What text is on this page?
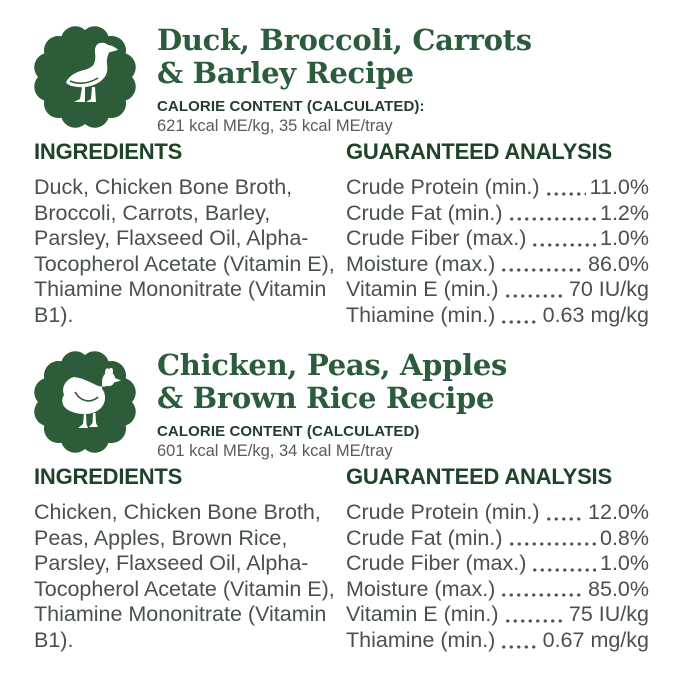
Duck, Broccoli, Carrots
& Barley Recipe
CALORIE CONTENT (CALCULATED):
621 kcal ME/kg, 35 kcal ME/tray
INGREDIENTS

Duck, Chicken Bone Broth, Broccoli, Carrots, Barley, Parsley, Flaxseed Oil, Alpha-Tocopherol Acetate (Vitamin E), Thiamine Mononitrate (Vitamin B1).

GUARANTEED ANALYSIS
Crude Protein (min.) 11.0%
Crude Fat (min.)	1.2%
Crude Fiber (max.)	1.0%
Moisture (max.)	86.0%
Vitamin E (min.)	70 IU/kg
Thiamine (min.) 0.63 mg/kg
Chicken, Peas, Apples
& Brown Rice Recipe
CALORIE CONTENT (CALCULATED)
601 kcal ME/kg, 34 kcal ME/tray
INGREDIENTS

Chicken, Chicken Bone Broth, Peas, Apples, Brown Rice, Parsley, Flaxseed Oil, Alpha-Tocopherol Acetate (Vitamin E), Thiamine Mononitrate (Vitamin B1).

GUARANTEED ANALYSIS
Crude Protein (min.) 12.0%
Crude Fat (min.)	0.8%
Crude Fiber (max.)	1.0%
Moisture (max.)	85.0%
Vitamin E (min.)	75 IU/kg
Thiamine (min.) 0.67 mg/kg
